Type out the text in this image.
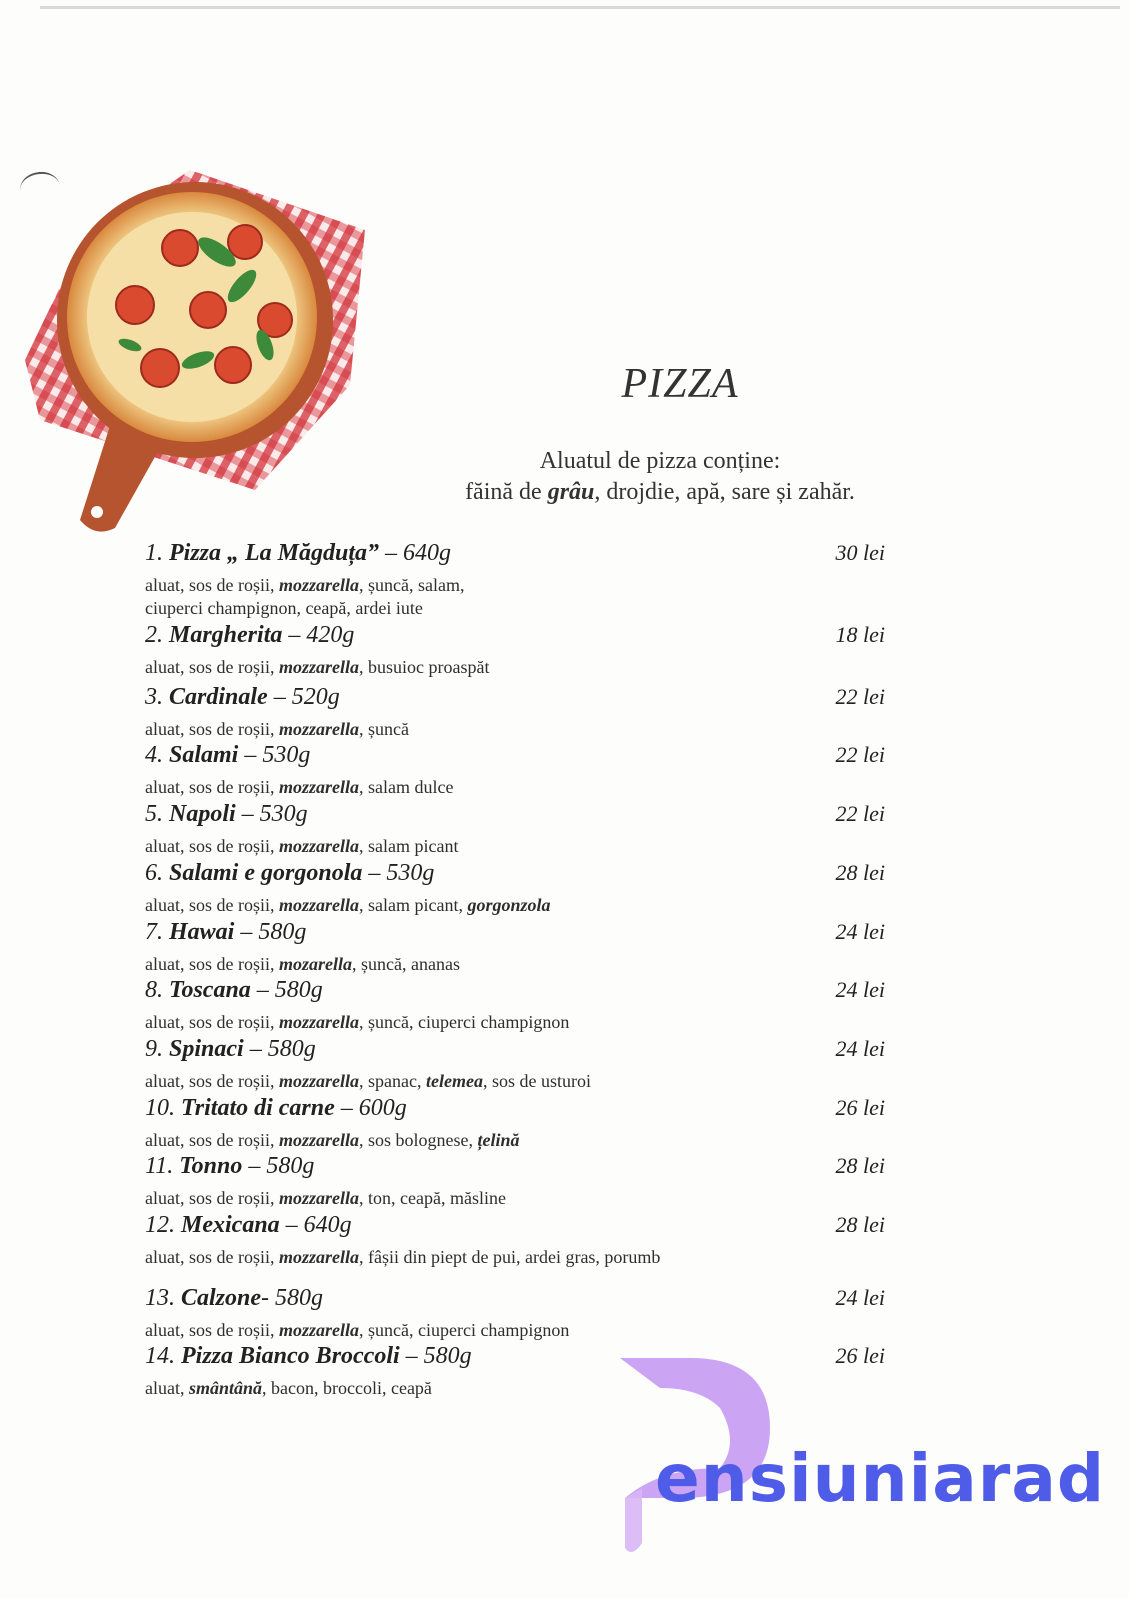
PIZZA
Aluatul de pizza conține:
făină de grâu, drojdie, apă, sare și zahăr.
1. Pizza „ La Măgduța” – 640g	30 lei
aluat, sos de roșii, mozzarella, șuncă, salam,
ciuperci champignon, ceapă, ardei iute
2. Margherita – 420g	18 lei
aluat, sos de roșii, mozzarella, busuioc proaspăt
3. Cardinale – 520g	22 lei
aluat, sos de roșii, mozzarella, șuncă
4. Salami – 530g	22 lei
aluat, sos de roșii, mozzarella, salam dulce
5. Napoli – 530g	22 lei
aluat, sos de roșii, mozzarella, salam picant
6. Salami e gorgonola – 530g	28 lei
aluat, sos de roșii, mozzarella, salam picant, gorgonzola
7. Hawai – 580g	24 lei
aluat, sos de roșii, mozarella, șuncă, ananas
8. Toscana – 580g	24 lei
aluat, sos de roșii, mozzarella, șuncă, ciuperci champignon
9. Spinaci – 580g	24 lei
aluat, sos de roșii, mozzarella, spanac, telemea, sos de usturoi
10. Tritato di carne – 600g	26 lei
aluat, sos de roșii, mozzarella, sos bolognese, țelină
11. Tonno – 580g	28 lei
aluat, sos de roșii, mozzarella, ton, ceapă, măsline
12. Mexicana – 640g	28 lei
aluat, sos de roșii, mozzarella, fâșii din piept de pui, ardei gras, porumb
13. Calzone- 580g	24 lei
aluat, sos de roșii, mozzarella, șuncă, ciuperci champignon
14. Pizza Bianco Broccoli – 580g	26 lei
aluat, smântână, bacon, broccoli, ceapă
ensiuniarad
